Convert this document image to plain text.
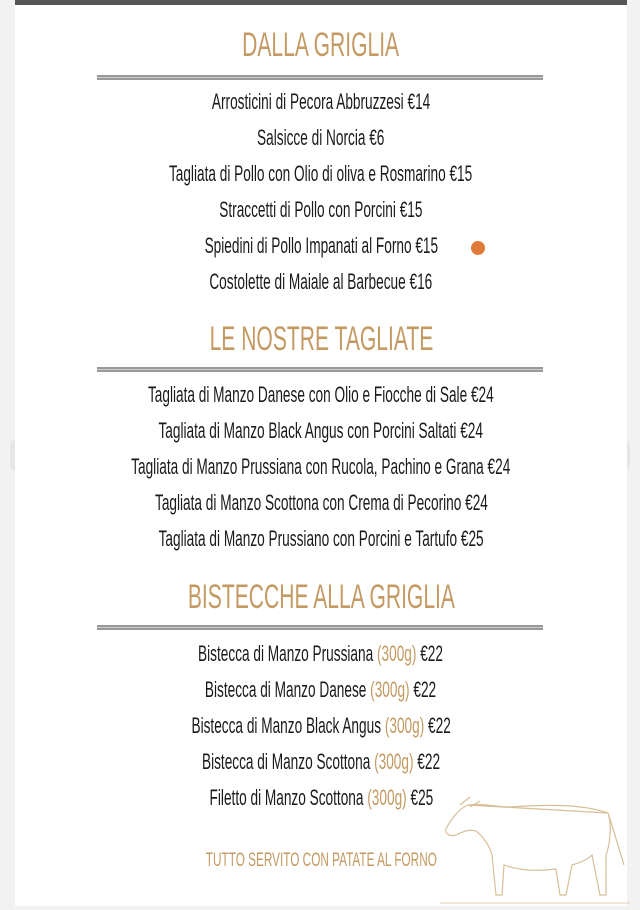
DALLA GRIGLIA
Arrosticini di Pecora Abbruzzesi €14
Salsicce di Norcia €6
Tagliata di Pollo con Olio di oliva e Rosmarino €15
Straccetti di Pollo con Porcini €15
Spiedini di Pollo Impanati al Forno €15
Costolette di Maiale al Barbecue €16
LE NOSTRE TAGLIATE
Tagliata di Manzo Danese con Olio e Fiocche di Sale €24
Tagliata di Manzo Black Angus con Porcini Saltati €24
Tagliata di Manzo Prussiana con Rucola, Pachino e Grana €24
Tagliata di Manzo Scottona con Crema di Pecorino €24
Tagliata di Manzo Prussiano con Porcini e Tartufo €25
BISTECCHE ALLA GRIGLIA
Bistecca di Manzo Prussiana (300g) €22
Bistecca di Manzo Danese (300g) €22
Bistecca di Manzo Black Angus (300g) €22
Bistecca di Manzo Scottona (300g) €22
Filetto di Manzo Scottona (300g) €25
TUTTO SERVITO CON PATATE AL FORNO
